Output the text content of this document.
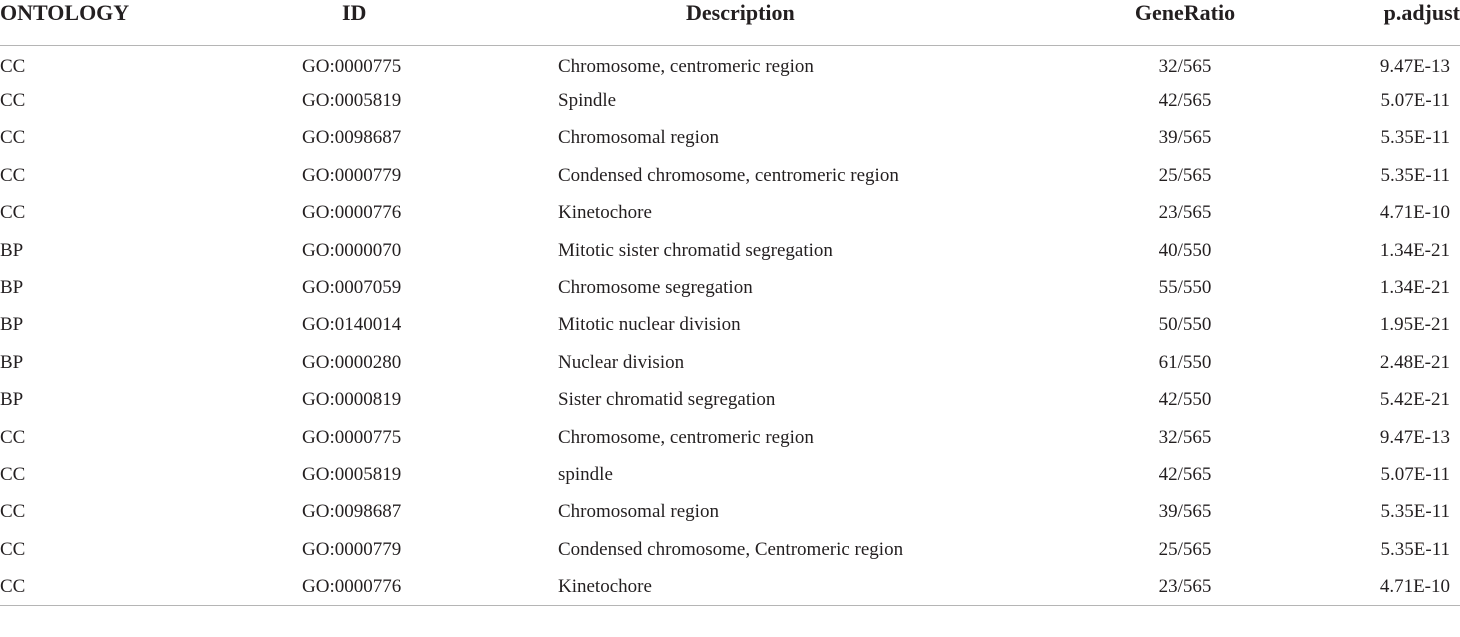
ONTOLOGY	ID	Description	GeneRatio	p.adjust
CC	GO:0000775	Chromosome, centromeric region	32/565	9.47E-13
CC	GO:0005819	Spindle	42/565	5.07E-11
CC	GO:0098687	Chromosomal region	39/565	5.35E-11
CC	GO:0000779	Condensed chromosome, centromeric region	25/565	5.35E-11
CC	GO:0000776	Kinetochore	23/565	4.71E-10
BP	GO:0000070	Mitotic sister chromatid segregation	40/550	1.34E-21
BP	GO:0007059	Chromosome segregation	55/550	1.34E-21
BP	GO:0140014	Mitotic nuclear division	50/550	1.95E-21
BP	GO:0000280	Nuclear division	61/550	2.48E-21
BP	GO:0000819	Sister chromatid segregation	42/550	5.42E-21
CC	GO:0000775	Chromosome, centromeric region	32/565	9.47E-13
CC	GO:0005819	spindle	42/565	5.07E-11
CC	GO:0098687	Chromosomal region	39/565	5.35E-11
CC	GO:0000779	Condensed chromosome, Centromeric region	25/565	5.35E-11
CC	GO:0000776	Kinetochore	23/565	4.71E-10
